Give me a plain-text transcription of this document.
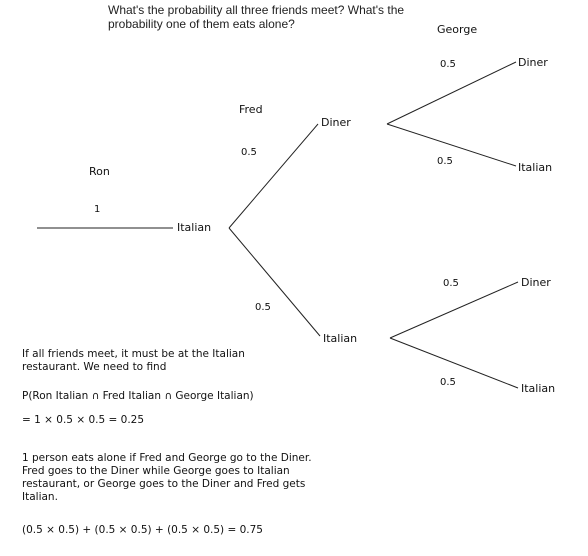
What's the probability all three friends meet? What's the probability one of them eats alone?
Ron
Fred
George
1
Italian
0.5
0.5
Diner
Italian
0.5
0.5
Diner
Italian
0.5
0.5
Diner
Italian
If all friends meet, it must be at the Italian
restaurant. We need to find
P(Ron Italian ∩ Fred Italian ∩ George Italian)
= 1 × 0.5 × 0.5 = 0.25
1 person eats alone if Fred and George go to the Diner.
Fred goes to the Diner while George goes to Italian
restaurant, or George goes to the Diner and Fred gets
Italian.
(0.5 × 0.5) + (0.5 × 0.5) + (0.5 × 0.5) = 0.75
